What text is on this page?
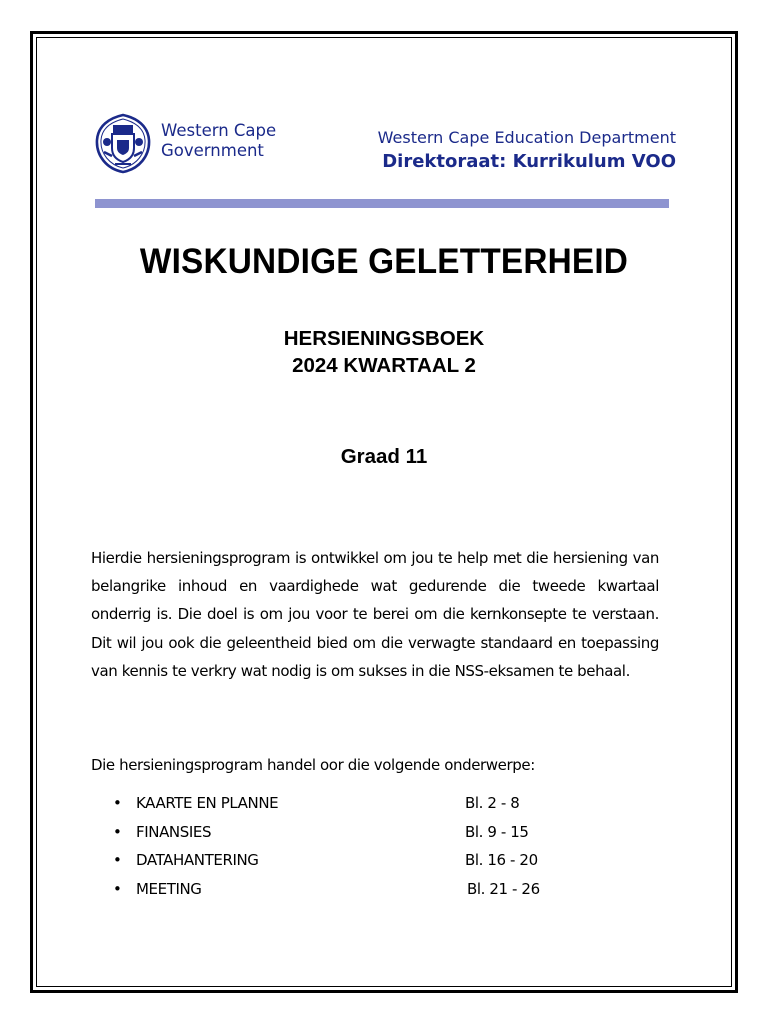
Western Cape
Government
Western Cape Education Department
Direktoraat: Kurrikulum VOO
WISKUNDIGE GELETTERHEID
HERSIENINGSBOEK
2024 KWARTAAL 2
Graad 11
Hierdie hersieningsprogram is ontwikkel om jou te help met die hersiening van belangrike inhoud en vaardighede wat gedurende die tweede kwartaal onderrig is. Die doel is om jou voor te berei om die kernkonsepte te verstaan. Dit wil jou ook die geleentheid bied om die verwagte standaard en toepassing van kennis te verkry wat nodig is om sukses in die NSS-eksamen te behaal.
Die hersieningsprogram handel oor die volgende onderwerpe:
• KAARTE EN PLANNE	Bl. 2 - 8
• FINANSIES	Bl. 9 - 15
• DATAHANTERING	Bl. 16 - 20
• MEETING	Bl. 21 - 26
